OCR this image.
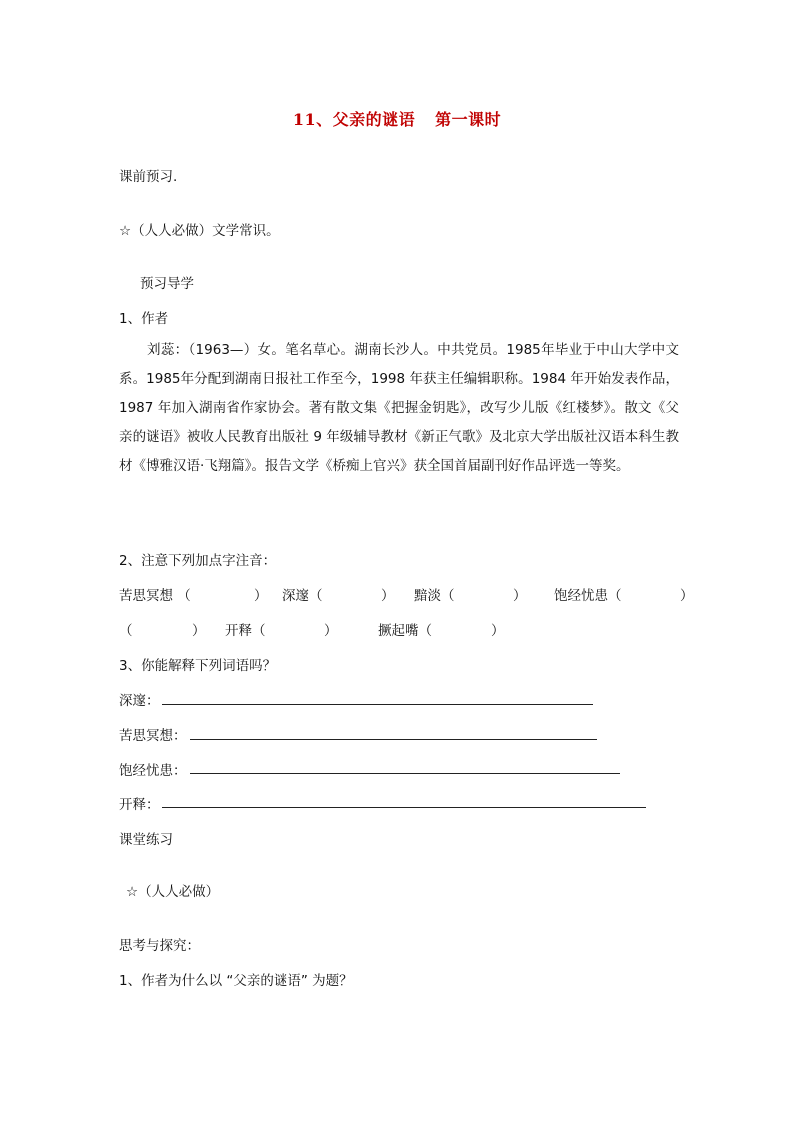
11、父亲的谜语 第一课时
课前预习.
☆（人人必做）文学常识。
预习导学
1、作者
刘蕊：（1963—）女。笔名草心。湖南长沙人。中共党员。1985年毕业于中山大学中文系。1985年分配到湖南日报社工作至今，1998 年获主任编辑职称。1984 年开始发表作品，1987 年加入湖南省作家协会。著有散文集《把握金钥匙》，改写少儿版《红楼梦》。散文《父亲的谜语》被收人民教育出版社 9 年级辅导教材《新正气歌》及北京大学出版社汉语本科生教材《博雅汉语·飞翔篇》。报告文学《桥痴上官兴》获全国首届副刊好作品评选一等奖。
2、注意下列加点字注音：
苦思冥想 （	） 深邃（	） 黯淡（	） 饱经忧患（	）
（	） 开释（	）	撅起嘴（	）
3、你能解释下列词语吗？
深邃：
苦思冥想：
饱经忧患：
开释：
课堂练习
☆（人人必做）
思考与探究：
1、作者为什么以 “父亲的谜语” 为题？
